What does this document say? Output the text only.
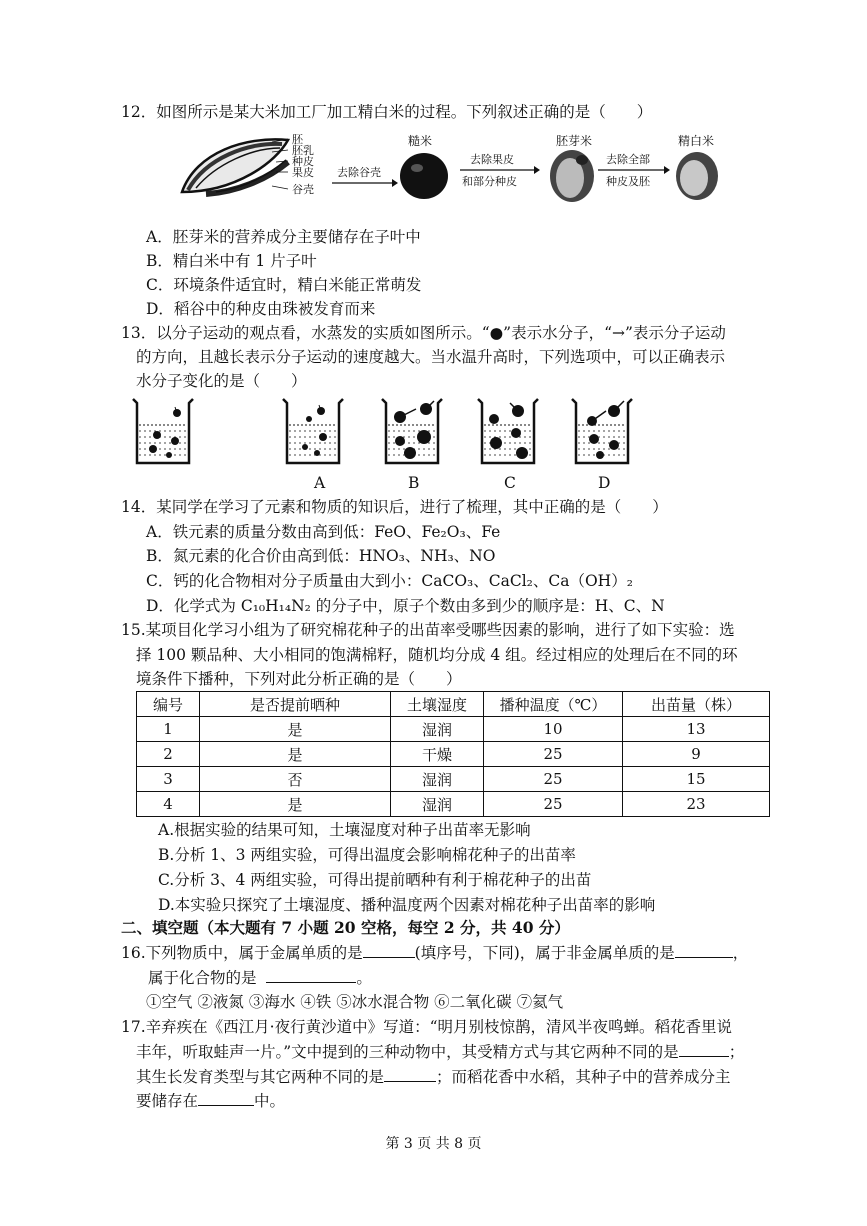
12．如图所示是某大米加工厂加工精白米的过程。下列叙述正确的是（　　）
胚
胚乳
种皮
果皮
谷壳
去除谷壳
糙米
去除果皮
和部分种皮
胚芽米
去除全部
种皮及胚
精白米
A．胚芽米的营养成分主要储存在子叶中
B．精白米中有 1 片子叶
C．环境条件适宜时，精白米能正常萌发
D．稻谷中的种皮由珠被发育而来
13．以分子运动的观点看，水蒸发的实质如图所示。“●”表示水分子，“→”表示分子运动
的方向，且越长表示分子运动的速度越大。当水温升高时，下列选项中，可以正确表示
水分子变化的是（　　）
A	B	C	D
14．某同学在学习了元素和物质的知识后，进行了梳理，其中正确的是（　　）
A．铁元素的质量分数由高到低：FeO、Fe₂O₃、Fe
B．氮元素的化合价由高到低：HNO₃、NH₃、NO
C．钙的化合物相对分子质量由大到小：CaCO₃、CaCl₂、Ca（OH）₂
D．化学式为 C₁₀H₁₄N₂ 的分子中，原子个数由多到少的顺序是：H、C、N
15.某项目化学习小组为了研究棉花种子的出苗率受哪些因素的影响，进行了如下实验：选
择 100 颗品种、大小相同的饱满棉籽，随机均分成 4 组。经过相应的处理后在不同的环
境条件下播种，下列对此分析正确的是（　　）
编号	是否提前晒种	土壤湿度	播种温度（℃）	出苗量（株）
1	是	湿润	10	13
2	是	干燥	25	9
3	否	湿润	25	15
4	是	湿润	25	23
A.根据实验的结果可知，土壤湿度对种子出苗率无影响
B.分析 1、3 两组实验，可得出温度会影响棉花种子的出苗率
C.分析 3、4 两组实验，可得出提前晒种有利于棉花种子的出苗
D.本实验只探究了土壤湿度、播种温度两个因素对棉花种子出苗率的影响
二、填空题（本大题有 7 小题 20 空格，每空 2 分，共 40 分）
16.下列物质中，属于金属单质的是	(填序号，下同)，属于非金属单质的是	，
属于化合物的是	。
①空气 ②液氮 ③海水 ④铁 ⑤冰水混合物 ⑥二氧化碳 ⑦氦气
17.辛弃疾在《西江月·夜行黄沙道中》写道：“明月别枝惊鹊，清风半夜鸣蝉。稻花香里说
丰年，听取蛙声一片。”文中提到的三种动物中，其受精方式与其它两种不同的是	；
其生长发育类型与其它两种不同的是	；而稻花香中水稻，其种子中的营养成分主
要储存在	中。
第 3 页 共 8 页
